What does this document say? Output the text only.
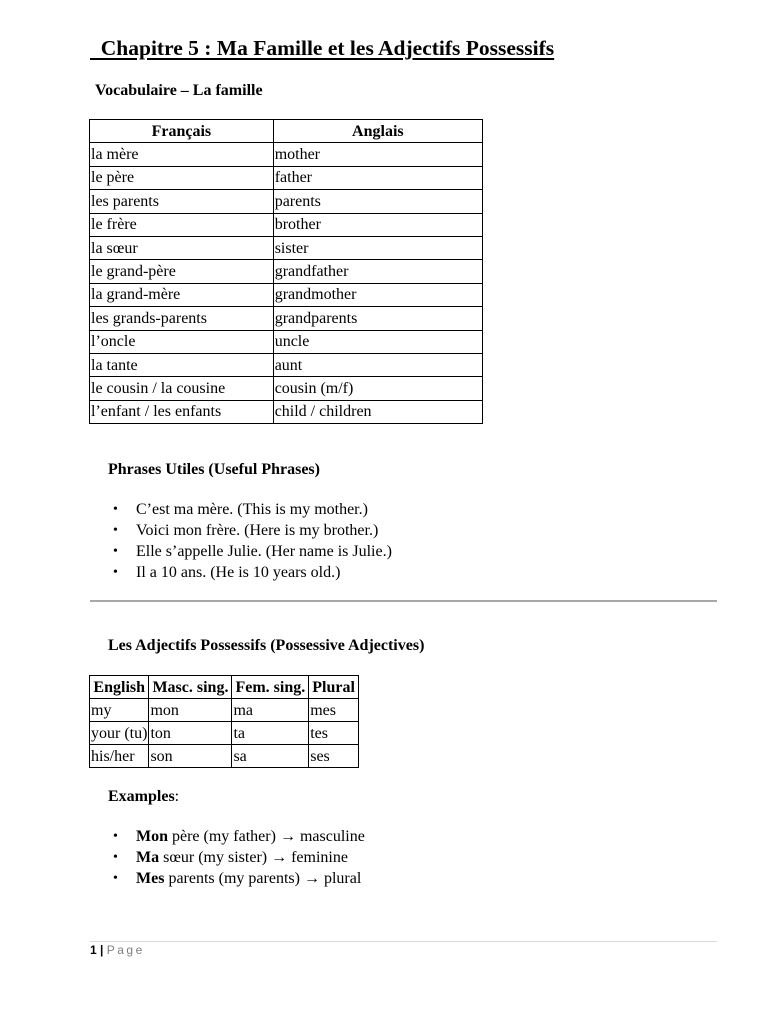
Chapitre 5 : Ma Famille et les Adjectifs Possessifs
Vocabulaire – La famille
Français	Anglais
la mère	mother
le père	father
les parents	parents
le frère	brother
la sœur	sister
le grand-père	grandfather
la grand-mère	grandmother
les grands-parents	grandparents
l’oncle	uncle
la tante	aunt
le cousin / la cousine	cousin (m/f)
l’enfant / les enfants	child / children
Phrases Utiles (Useful Phrases)
• C’est ma mère. (This is my mother.)
• Voici mon frère. (Here is my brother.)
• Elle s’appelle Julie. (Her name is Julie.)
• Il a 10 ans. (He is 10 years old.)
Les Adjectifs Possessifs (Possessive Adjectives)
English	Masc. sing.	Fem. sing.	Plural
my	mon	ma	mes
your (tu)	ton	ta	tes
his/her	son	sa	ses
Examples:
• Mon père (my father) → masculine
• Ma sœur (my sister) → feminine
• Mes parents (my parents) → plural
1 | Page
